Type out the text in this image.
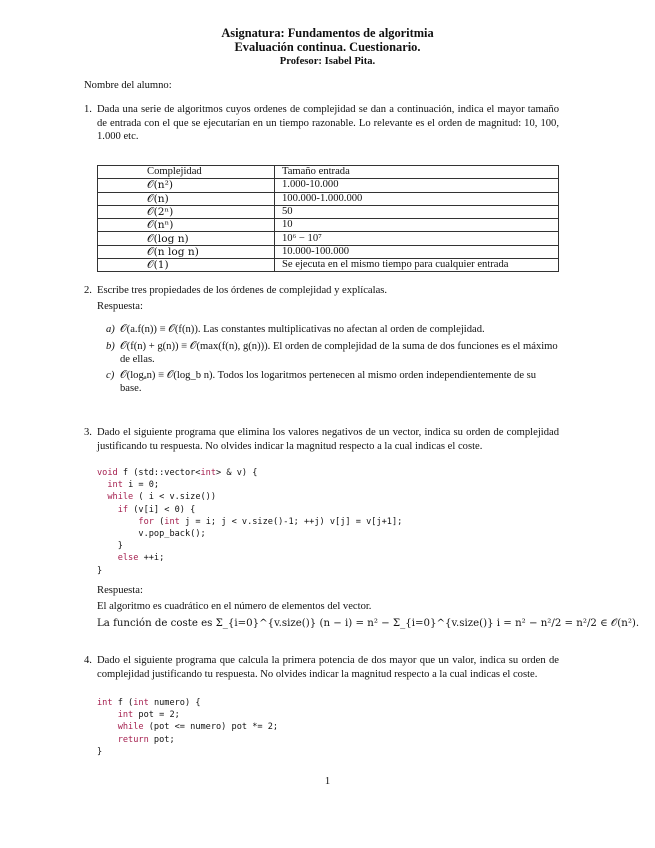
Asignatura: Fundamentos de algoritmia
Evaluación continua. Cuestionario.
Profesor: Isabel Pita.
Nombre del alumno:
1. Dada una serie de algoritmos cuyos ordenes de complejidad se dan a continuación, indica el mayor tamaño de entrada con el que se ejecutarían en un tiempo razonable. Lo relevante es el orden de magnitud: 10, 100, 1.000 etc.
Complejidad	Tamaño entrada
𝒪(n²)	1.000-10.000
𝒪(n)	100.000-1.000.000
𝒪(2ⁿ)	50
𝒪(nⁿ)	10
𝒪(log n)	10⁶ − 10⁷
𝒪(n log n)	10.000-100.000
𝒪(1)	Se ejecuta en el mismo tiempo para cualquier entrada
2. Escribe tres propiedades de los órdenes de complejidad y explícalas.
Respuesta:
a) 𝒪(a.f(n)) ≡ 𝒪(f(n)). Las constantes multiplicativas no afectan al orden de complejidad.
b) 𝒪(f(n) + g(n)) ≡ 𝒪(max(f(n), g(n))). El orden de complejidad de la suma de dos funciones es el máximo de ellas.
c) 𝒪(logₐn) ≡ 𝒪(log_b n). Todos los logaritmos pertenecen al mismo orden independientemente de su base.
3. Dado el siguiente programa que elimina los valores negativos de un vector, indica su orden de complejidad justificando tu respuesta. No olvides indicar la magnitud respecto a la cual indicas el coste.
void f (std::vector<int> & v) {
int i = 0;
while ( i < v.size())
if (v[i] < 0) {
for (int j = i; j < v.size()-1; ++j) v[j] = v[j+1];
v.pop_back();
}
else ++i;
}
Respuesta:
El algoritmo es cuadrático en el número de elementos del vector.
La función de coste es Σ_{i=0}^{v.size()} (n − i) = n² − Σ_{i=0}^{v.size()} i = n² − n²/2 = n²/2 ∈ 𝒪(n²).
4. Dado el siguiente programa que calcula la primera potencia de dos mayor que un valor, indica su orden de complejidad justificando tu respuesta. No olvides indicar la magnitud respecto a la cual indicas el coste.
int f (int numero) {
int pot = 2;
while (pot <= numero) pot *= 2;
return pot;
}
1
